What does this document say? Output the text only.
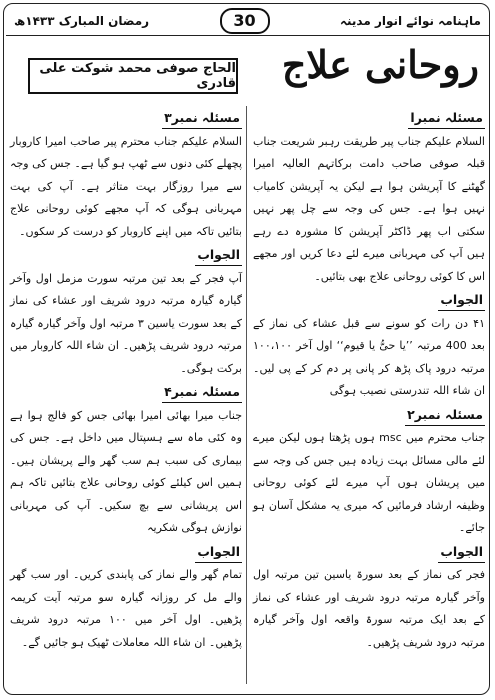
رمضان المبارک ۱۴۳۳ھ	30	ماہنامہ نوائے انوار مدینہ
روحانی علاج
الحاج صوفی محمد شوکت علی قادری
مسئلہ نمبرا

السلام علیکم جناب پیر طریقت رہبر شریعت جناب قبلہ صوفی صاحب دامت برکاتہم العالیہ امیرا گھٹنے کا آپریشن ہوا ہے لیکن یہ آپریشن کامیاب نہیں ہوا ہے۔ جس کی وجہ سے چل پھر نہیں سکتی اب پھر ڈاکٹر آپریشن کا مشورہ دے رہے ہیں آپ کی مہربانی میرے لئے دعا کریں اور مجھے اس کا کوئی روحانی علاج بھی بتائیں۔

الجواب

۴۱ دن رات کو سونے سے قبل عشاء کی نماز کے بعد 400 مرتبہ ’’یا حیُّ یا قیوم‘‘ اول آخر ۱۰۰،۱۰۰ مرتبہ درود پاک پڑھ کر پانی پر دم کر کے پی لیں۔ ان شاء اللہ تندرستی نصیب ہوگی

مسئلہ نمبر۲

جناب محترم میں msc ہوں پڑھتا ہوں لیکن میرے لئے مالی مسائل بہت زیادہ ہیں جس کی وجہ سے میں پریشان ہوں آپ میرے لئے کوئی روحانی وظیفہ ارشاد فرمائیں کہ میری یہ مشکل آسان ہو جائے۔

الجواب

فجر کی نماز کے بعد سورۃ یاسین تین مرتبہ اول وآخر گیارہ مرتبہ درود شریف اور عشاء کی نماز کے بعد ایک مرتبہ سورۃ واقعہ اول وآخر گیارہ مرتبہ درود شریف پڑھیں۔

مسئلہ نمبر۳

السلام علیکم جناب محترم پیر صاحب امیرا کاروبار پچھلے کئی دنوں سے ٹھپ ہو گیا ہے۔ جس کی وجہ سے میرا روزگار بہت متاثر ہے۔ آپ کی بہت مہربانی ہوگی کہ آپ مجھے کوئی روحانی علاج بتائیں تاکہ میں اپنے کاروبار کو درست کر سکوں۔

الجواب

آپ فجر کے بعد تین مرتبہ سورت مزمل اول وآخر گیارہ گیارہ مرتبہ درود شریف اور عشاء کی نماز کے بعد سورت یاسین ۳ مرتبہ اول وآخر گیارہ گیارہ مرتبہ درود شریف پڑھیں۔ ان شاء اللہ کاروبار میں برکت ہوگی۔

مسئلہ نمبر۴

جناب میرا بھائی امیرا بھائی جس کو فالج ہوا ہے وہ کئی ماہ سے ہسپتال میں داخل ہے۔ جس کی بیماری کی سبب ہم سب گھر والے پریشان ہیں۔ ہمیں اس کیلئے کوئی روحانی علاج بتائیں تاکہ ہم اس پریشانی سے بچ سکیں۔ آپ کی مہربانی نوازش ہوگی شکریہ

الجواب

تمام گھر والے نماز کی پابندی کریں۔ اور سب گھر والے مل کر روزانہ گیارہ سو مرتبہ آیت کریمہ پڑھیں۔ اول آخر میں ۱۰۰ مرتبہ درود شریف پڑھیں۔ ان شاء اللہ معاملات ٹھیک ہو جائیں گے۔
